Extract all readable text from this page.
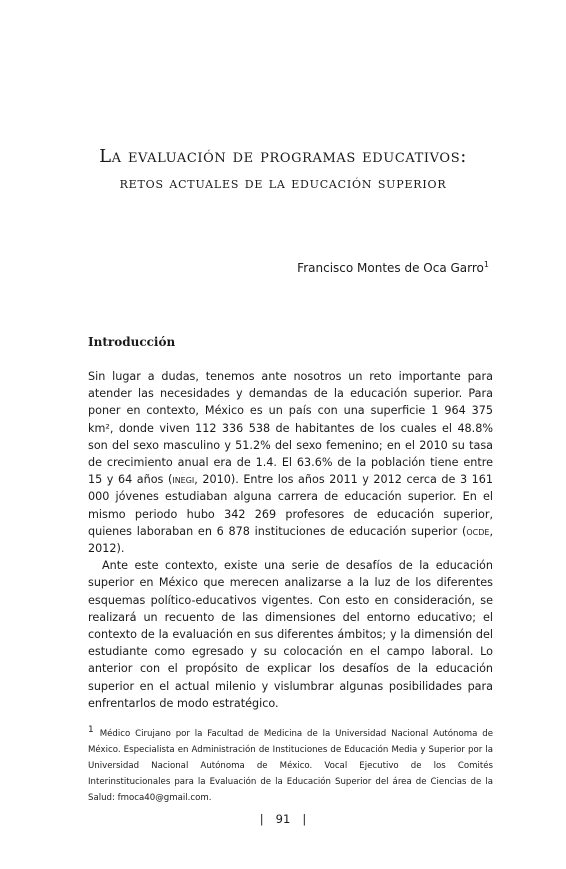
La evaluación de programas educativos:
retos actuales de la educación superior
Francisco Montes de Oca Garro$^1$
Introducción

Sin lugar a dudas, tenemos ante nosotros un reto importante para atender las necesidades y demandas de la educación superior. Para poner en contexto, México es un país con una superficie 1 964 375 km², donde viven 112 336 538 de habitantes de los cuales el 48.8% son del sexo masculino y 51.2% del sexo femenino; en el 2010 su tasa de crecimiento anual era de 1.4. El 63.6% de la población tiene entre 15 y 64 años (inegi, 2010). Entre los años 2011 y 2012 cerca de 3 161 000 jóvenes estudiaban alguna carrera de educación superior. En el mismo periodo hubo 342 269 profesores de educación superior, quienes laboraban en 6 878 instituciones de educación superior (ocde, 2012).

Ante este contexto, existe una serie de desafíos de la educación superior en México que merecen analizarse a la luz de los diferentes esquemas político-educativos vigentes. Con esto en consideración, se realizará un recuento de las dimensiones del entorno educativo; el contexto de la evaluación en sus diferentes ámbitos; y la dimensión del estudiante como egresado y su colocación en el campo laboral. Lo anterior con el propósito de explicar los desafíos de la educación superior en el actual milenio y vislumbrar algunas posibilidades para enfrentarlos de modo estratégico.

$^1$ Médico Cirujano por la Facultad de Medicina de la Universidad Nacional Autónoma de México. Especialista en Administración de Instituciones de Educación Media y Superior por la Universidad Nacional Autónoma de México. Vocal Ejecutivo de los Comités Interinstitucionales para la Evaluación de la Educación Superior del área de Ciencias de la Salud: fmoca40@gmail.com.
| 91 |
